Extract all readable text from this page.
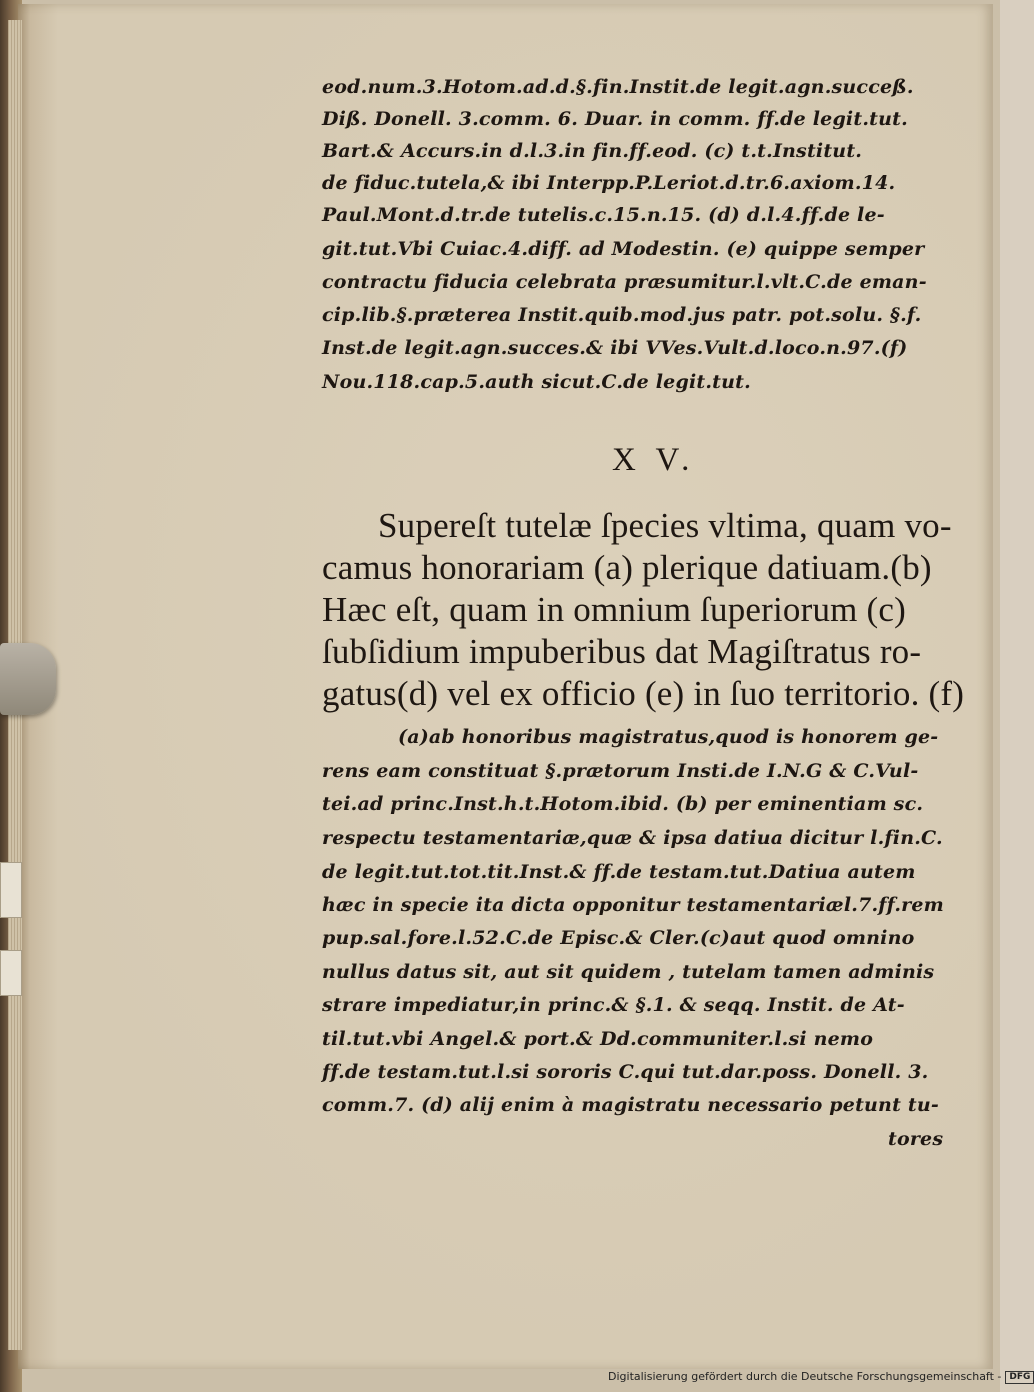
eod.num.3.Hotom.ad.d.§.fin.Instit.de legit.agn.succeß.
Diß. Donell. 3.comm. 6. Duar. in comm. ff.de legit.tut.
Bart.& Accurs.in d.l.3.in fin.ff.eod. (c) t.t.Institut.
de fiduc.tutela,& ibi Interpp.P.Leriot.d.tr.6.axiom.14.
Paul.Mont.d.tr.de tutelis.c.15.n.15. (d) d.l.4.ff.de le-
git.tut.Vbi Cuiac.4.diff. ad Modestin. (e) quippe semper
contractu fiducia celebrata præsumitur.l.vlt.C.de eman-
cip.lib.§.præterea Instit.quib.mod.jus patr. pot.solu. §.f.
Inst.de legit.agn.succes.& ibi VVes.Vult.d.loco.n.97.(f)
Nou.118.cap.5.auth sicut.C.de legit.tut.
X V.
Supereſt tutelæ ſpecies vltima, quam vo-
camus honorariam (a) plerique datiuam.(b)
Hæc eſt, quam in omnium ſuperiorum (c)
ſubſidium impuberibus dat Magiſtratus ro-
gatus(d) vel ex officio (e) in ſuo territorio. (f)
(a)ab honoribus magistratus,quod is honorem ge-
rens eam constituat §.prætorum Insti.de I.N.G & C.Vul-
tei.ad princ.Inst.h.t.Hotom.ibid. (b) per eminentiam sc.
respectu testamentariæ,quæ & ipsa datiua dicitur l.fin.C.
de legit.tut.tot.tit.Inst.& ff.de testam.tut.Datiua autem
hæc in specie ita dicta opponitur testamentariæl.7.ff.rem
pup.sal.fore.l.52.C.de Episc.& Cler.(c)aut quod omnino
nullus datus sit, aut sit quidem , tutelam tamen adminis
strare impediatur,in princ.& §.1. & seqq. Instit. de At-
til.tut.vbi Angel.& port.& Dd.communiter.l.si nemo
ff.de testam.tut.l.si sororis C.qui tut.dar.poss. Donell. 3.
comm.7. (d) alij enim à magistratu necessario petunt tu-
tores
Digitalisierung gefördert durch die Deutsche Forschungsgemeinschaft - DFG
